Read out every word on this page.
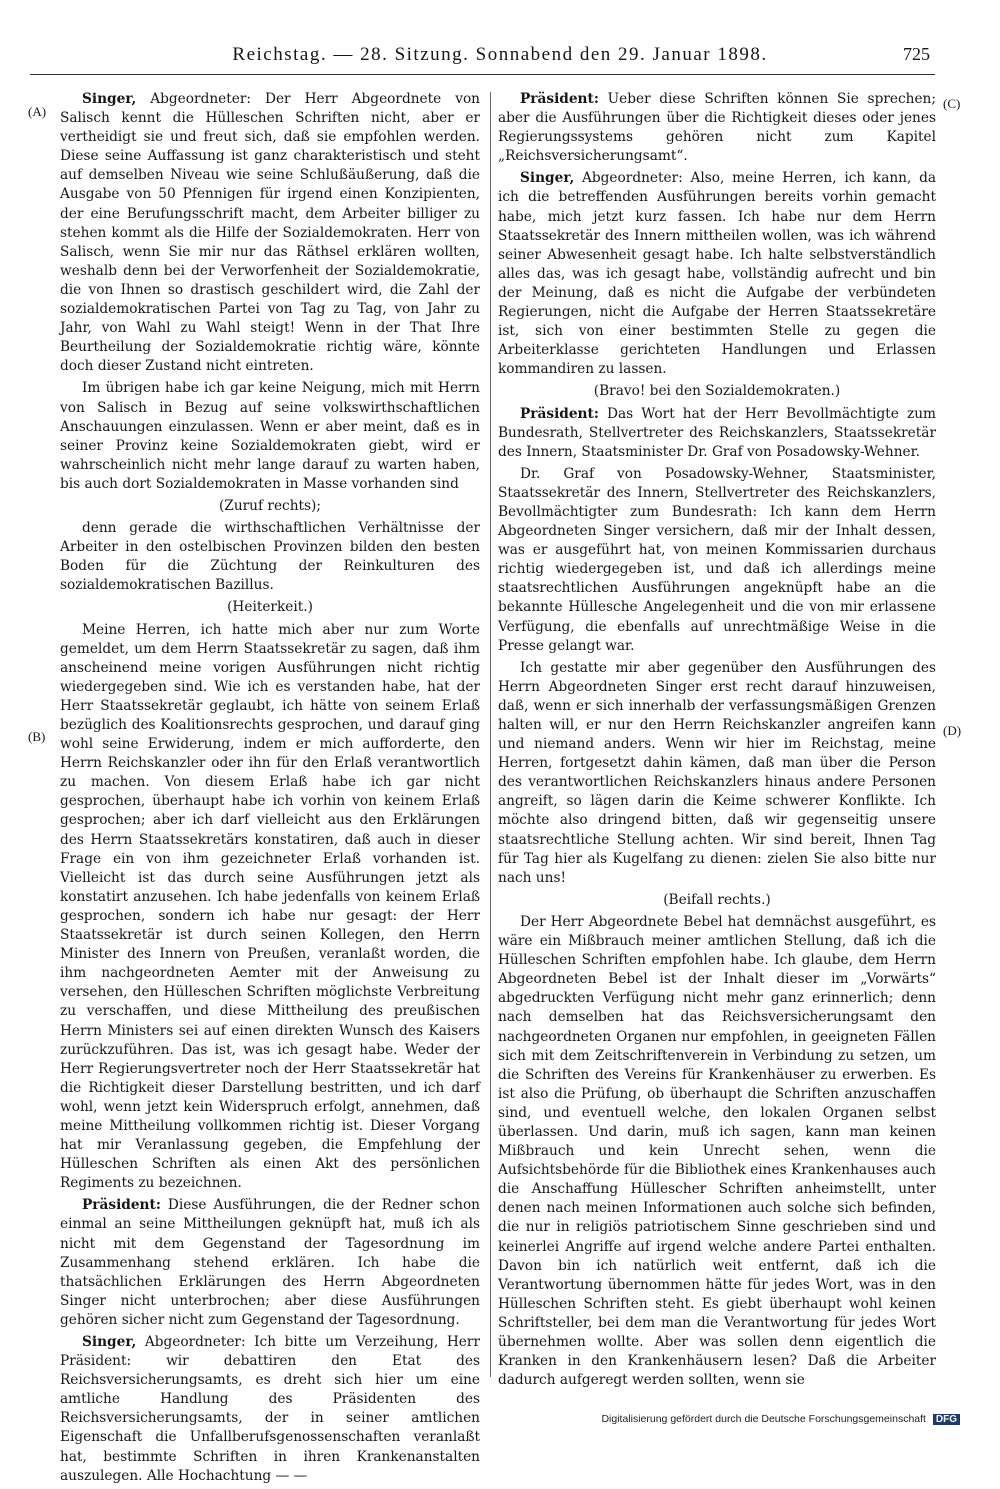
Reichstag. — 28. Sitzung. Sonnabend den 29. Januar 1898.	725
(A)
(B)
(C)
(D)

Singer, Abgeordneter: Der Herr Abgeordnete von Salisch kennt die Hülleschen Schriften nicht, aber er vertheidigt sie und freut sich, daß sie empfohlen werden. Diese seine Auffassung ist ganz charakteristisch und steht auf demselben Niveau wie seine Schlußäußerung, daß die Ausgabe von 50 Pfennigen für irgend einen Konzipienten, der eine Berufungsschrift macht, dem Arbeiter billiger zu stehen kommt als die Hilfe der Sozialdemokraten. Herr von Salisch, wenn Sie mir nur das Räthsel erklären wollten, weshalb denn bei der Verworfenheit der Sozialdemokratie, die von Ihnen so drastisch geschildert wird, die Zahl der sozialdemokratischen Partei von Tag zu Tag, von Jahr zu Jahr, von Wahl zu Wahl steigt! Wenn in der That Ihre Beurtheilung der Sozialdemokratie richtig wäre, könnte doch dieser Zustand nicht eintreten.

Im übrigen habe ich gar keine Neigung, mich mit Herrn von Salisch in Bezug auf seine volkswirthschaftlichen Anschauungen einzulassen. Wenn er aber meint, daß es in seiner Provinz keine Sozialdemokraten giebt, wird er wahrscheinlich nicht mehr lange darauf zu warten haben, bis auch dort Sozialdemokraten in Masse vorhanden sind

(Zuruf rechts);

denn gerade die wirthschaftlichen Verhältnisse der Arbeiter in den ostelbischen Provinzen bilden den besten Boden für die Züchtung der Reinkulturen des sozialdemokratischen Bazillus.

(Heiterkeit.)

Meine Herren, ich hatte mich aber nur zum Worte gemeldet, um dem Herrn Staatssekretär zu sagen, daß ihm anscheinend meine vorigen Ausführungen nicht richtig wiedergegeben sind. Wie ich es verstanden habe, hat der Herr Staatssekretär geglaubt, ich hätte von seinem Erlaß bezüglich des Koalitionsrechts gesprochen, und darauf ging wohl seine Erwiderung, indem er mich aufforderte, den Herrn Reichskanzler oder ihn für den Erlaß verantwortlich zu machen. Von diesem Erlaß habe ich gar nicht gesprochen, überhaupt habe ich vorhin von keinem Erlaß gesprochen; aber ich darf vielleicht aus den Erklärungen des Herrn Staatssekretärs konstatiren, daß auch in dieser Frage ein von ihm gezeichneter Erlaß vorhanden ist. Vielleicht ist das durch seine Ausführungen jetzt als konstatirt anzusehen. Ich habe jedenfalls von keinem Erlaß gesprochen, sondern ich habe nur gesagt: der Herr Staatssekretär ist durch seinen Kollegen, den Herrn Minister des Innern von Preußen, veranlaßt worden, die ihm nachgeordneten Aemter mit der Anweisung zu versehen, den Hülleschen Schriften möglichste Verbreitung zu verschaffen, und diese Mittheilung des preußischen Herrn Ministers sei auf einen direkten Wunsch des Kaisers zurückzuführen. Das ist, was ich gesagt habe. Weder der Herr Regierungsvertreter noch der Herr Staatssekretär hat die Richtigkeit dieser Darstellung bestritten, und ich darf wohl, wenn jetzt kein Widerspruch erfolgt, annehmen, daß meine Mittheilung vollkommen richtig ist. Dieser Vorgang hat mir Veranlassung gegeben, die Empfehlung der Hülleschen Schriften als einen Akt des persönlichen Regiments zu bezeichnen.

Präsident: Diese Ausführungen, die der Redner schon einmal an seine Mittheilungen geknüpft hat, muß ich als nicht mit dem Gegenstand der Tagesordnung im Zusammenhang stehend erklären. Ich habe die thatsächlichen Erklärungen des Herrn Abgeordneten Singer nicht unterbrochen; aber diese Ausführungen gehören sicher nicht zum Gegenstand der Tagesordnung.

Singer, Abgeordneter: Ich bitte um Verzeihung, Herr Präsident: wir debattiren den Etat des Reichsversicherungsamts, es dreht sich hier um eine amtliche Handlung des Präsidenten des Reichsversicherungsamts, der in seiner amtlichen Eigenschaft die Unfallberufsgenossenschaften veranlaßt hat, bestimmte Schriften in ihren Krankenanstalten auszulegen. Alle Hochachtung — —

Präsident: Ueber diese Schriften können Sie sprechen; aber die Ausführungen über die Richtigkeit dieses oder jenes Regierungssystems gehören nicht zum Kapitel „Reichsversicherungsamt“.

Singer, Abgeordneter: Also, meine Herren, ich kann, da ich die betreffenden Ausführungen bereits vorhin gemacht habe, mich jetzt kurz fassen. Ich habe nur dem Herrn Staatssekretär des Innern mittheilen wollen, was ich während seiner Abwesenheit gesagt habe. Ich halte selbstverständlich alles das, was ich gesagt habe, vollständig aufrecht und bin der Meinung, daß es nicht die Aufgabe der verbündeten Regierungen, nicht die Aufgabe der Herren Staatssekretäre ist, sich von einer bestimmten Stelle zu gegen die Arbeiterklasse gerichteten Handlungen und Erlassen kommandiren zu lassen.

(Bravo! bei den Sozialdemokraten.)

Präsident: Das Wort hat der Herr Bevollmächtigte zum Bundesrath, Stellvertreter des Reichskanzlers, Staatssekretär des Innern, Staatsminister Dr. Graf von Posadowsky-Wehner.

Dr. Graf von Posadowsky-Wehner, Staatsminister, Staatssekretär des Innern, Stellvertreter des Reichskanzlers, Bevollmächtigter zum Bundesrath: Ich kann dem Herrn Abgeordneten Singer versichern, daß mir der Inhalt dessen, was er ausgeführt hat, von meinen Kommissarien durchaus richtig wiedergegeben ist, und daß ich allerdings meine staatsrechtlichen Ausführungen angeknüpft habe an die bekannte Hüllesche Angelegenheit und die von mir erlassene Verfügung, die ebenfalls auf unrechtmäßige Weise in die Presse gelangt war.

Ich gestatte mir aber gegenüber den Ausführungen des Herrn Abgeordneten Singer erst recht darauf hinzuweisen, daß, wenn er sich innerhalb der verfassungsmäßigen Grenzen halten will, er nur den Herrn Reichskanzler angreifen kann und niemand anders. Wenn wir hier im Reichstag, meine Herren, fortgesetzt dahin kämen, daß man über die Person des verantwortlichen Reichskanzlers hinaus andere Personen angreift, so lägen darin die Keime schwerer Konflikte. Ich möchte also dringend bitten, daß wir gegenseitig unsere staatsrechtliche Stellung achten. Wir sind bereit, Ihnen Tag für Tag hier als Kugelfang zu dienen: zielen Sie also bitte nur nach uns!

(Beifall rechts.)

Der Herr Abgeordnete Bebel hat demnächst ausgeführt, es wäre ein Mißbrauch meiner amtlichen Stellung, daß ich die Hülleschen Schriften empfohlen habe. Ich glaube, dem Herrn Abgeordneten Bebel ist der Inhalt dieser im „Vorwärts“ abgedruckten Verfügung nicht mehr ganz erinnerlich; denn nach demselben hat das Reichsversicherungsamt den nachgeordneten Organen nur empfohlen, in geeigneten Fällen sich mit dem Zeitschriftenverein in Verbindung zu setzen, um die Schriften des Vereins für Krankenhäuser zu erwerben. Es ist also die Prüfung, ob überhaupt die Schriften anzuschaffen sind, und eventuell welche, den lokalen Organen selbst überlassen. Und darin, muß ich sagen, kann man keinen Mißbrauch und kein Unrecht sehen, wenn die Aufsichtsbehörde für die Bibliothek eines Krankenhauses auch die Anschaffung Hüllescher Schriften anheimstellt, unter denen nach meinen Informationen auch solche sich befinden, die nur in religiös patriotischem Sinne geschrieben sind und keinerlei Angriffe auf irgend welche andere Partei enthalten. Davon bin ich natürlich weit entfernt, daß ich die Verantwortung übernommen hätte für jedes Wort, was in den Hülleschen Schriften steht. Es giebt überhaupt wohl keinen Schriftsteller, bei dem man die Verantwortung für jedes Wort übernehmen wollte. Aber was sollen denn eigentlich die Kranken in den Krankenhäusern lesen? Daß die Arbeiter dadurch aufgeregt werden sollten, wenn sie

Digitalisierung gefördert durch die Deutsche Forschungsgemeinschaft DFG
